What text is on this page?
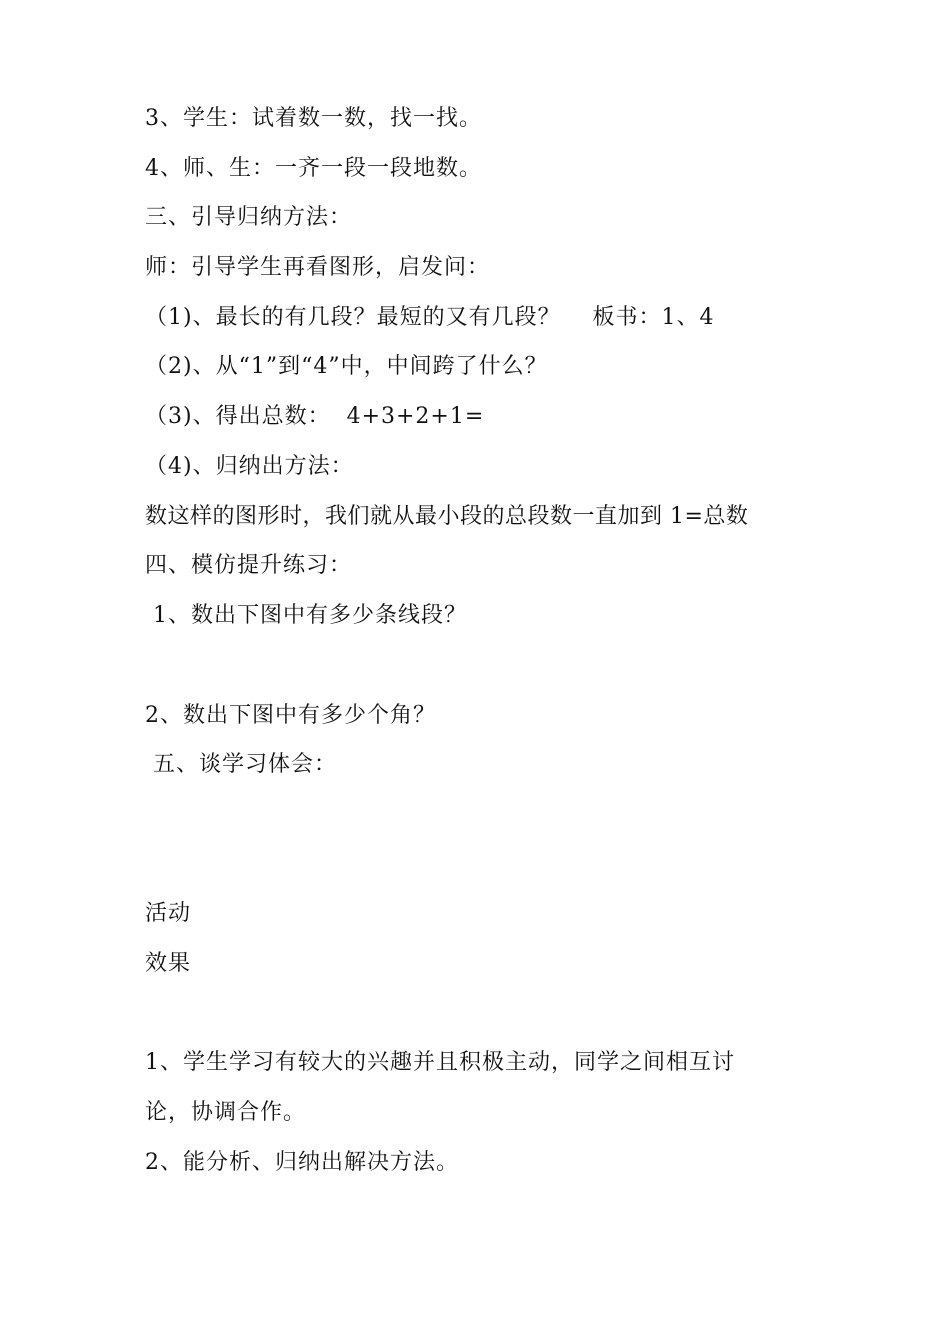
3、学生：试着数一数，找一找。
4、师、生：一齐一段一段地数。
三、引导归纳方法：
师：引导学生再看图形，启发问：
（1)、最长的有几段？最短的又有几段？    板书：1、4
（2)、从“1”到“4”中，中间跨了什么？
（3)、得出总数：  4+3+2+1=
（4)、归纳出方法：
数这样的图形时，我们就从最小段的总段数一直加到 1=总数
四、模仿提升练习：
1、数出下图中有多少条线段？
2、数出下图中有多少个角？
五、谈学习体会：
活动
效果
1、学生学习有较大的兴趣并且积极主动，同学之间相互讨
论，协调合作。
2、能分析、归纳出解决方法。
